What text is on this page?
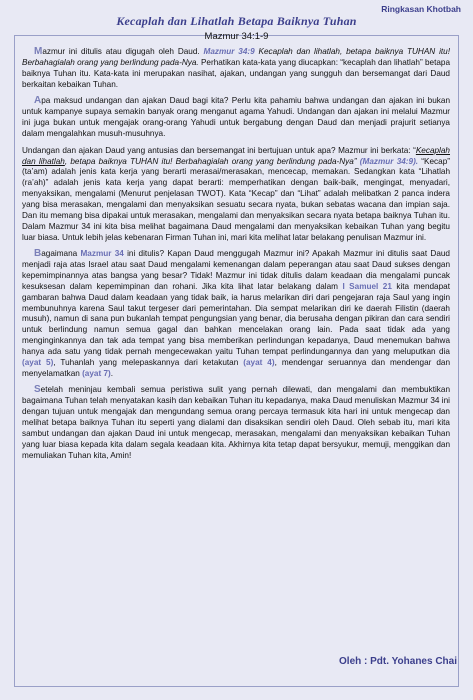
Ringkasan Khotbah
Kecaplah dan Lihatlah Betapa Baiknya Tuhan
Mazmur 34:1-9

Mazmur ini ditulis atau digugah oleh Daud. Mazmur 34:9 Kecaplah dan lihatlah, betapa baiknya TUHAN itu! Berbahagialah orang yang berlindung pada-Nya. Perhatikan kata-kata yang diucapkan: “kecaplah dan lihatlah” betapa baiknya Tuhan itu. Kata-kata ini merupakan nasihat, ajakan, undangan yang sungguh dan bersemangat dari Daud berkaitan kebaikan Tuhan.

Apa maksud undangan dan ajakan Daud bagi kita? Perlu kita pahamiu bahwa undangan dan ajakan ini bukan untuk kampanye supaya semakin banyak orang menganut agama Yahudi. Undangan dan ajakan ini melalui Mazmur ini juga bukan untuk mengajak orang-orang Yahudi untuk bergabung dengan Daud dan menjadi prajurit setianya dalam mengalahkan musuh-musuhnya.

Undangan dan ajakan Daud yang antusias dan bersemangat ini bertujuan untuk apa? Mazmur ini berkata: “Kecaplah dan lihatlah, betapa baiknya TUHAN itu! Berbahagialah orang yang berlindung pada-Nya” (Mazmur 34:9). “Kecap” (ta’am) adalah jenis kata kerja yang berarti merasai/merasakan, mencecap, memakan. Sedangkan kata “Lihatlah (ra’ah)” adalah jenis kata kerja yang dapat berarti: memperhatikan dengan baik-baik, mengingat, menyadari, menyaksikan, mengalami (Menurut penjelasan TWOT). Kata “Kecap” dan “Lihat” adalah melibatkan 2 panca indera yang bisa merasakan, mengalami dan menyaksikan sesuatu secara nyata, bukan sebatas wacana dan impian saja. Dan itu memang bisa dipakai untuk merasakan, mengalami dan menyaksikan secara nyata betapa baiknya Tuhan itu. Dalam Mazmur 34 ini kita bisa melihat bagaimana Daud mengalami dan menyaksikan kebaikan Tuhan yang begitu luar biasa. Untuk lebih jelas kebenaran Firman Tuhan ini, mari kita melihat latar belakang penulisan Mazmur ini.

Bagaimana Mazmur 34 ini ditulis? Kapan Daud menggugah Mazmur ini? Apakah Mazmur ini ditulis saat Daud menjadi raja atas Israel atau saat Daud mengalami kemenangan dalam peperangan atau saat Daud sukses dengan kepemimpinannya atas bangsa yang besar? Tidak! Mazmur ini tidak ditulis dalam keadaan dia mengalami puncak kesuksesan dalam kepemimpinan dan rohani. Jika kita lihat latar belakang dalam I Samuel 21 kita mendapat gambaran bahwa Daud dalam keadaan yang tidak baik, ia harus melarikan diri dari pengejaran raja Saul yang ingin membunuhnya karena Saul takut tergeser dari pemerintahan. Dia sempat melarikan diri ke daerah Filistin (daerah musuh), namun di sana pun bukanlah tempat pengungsian yang benar, dia berusaha dengan pikiran dan cara sendiri untuk berlindung namun semua gagal dan bahkan mencelakan orang lain. Pada saat tidak ada yang menginginkannya dan tak ada tempat yang bisa memberikan perlindungan kepadanya, Daud menemukan bahwa hanya ada satu yang tidak pernah mengecewakan yaitu Tuhan tempat perlindungannya dan yang meluputkan dia (ayat 5), Tuhanlah yang melepaskannya dari ketakutan (ayat 4), mendengar seruannya dan mendengar dan menyelamatkan (ayat 7).

Setelah meninjau kembali semua peristiwa sulit yang pernah dilewati, dan mengalami dan membuktikan bagaimana Tuhan telah menyatakan kasih dan kebaikan Tuhan itu kepadanya, maka Daud menuliskan Mazmur 34 ini dengan tujuan untuk mengajak dan mengundang semua orang percaya termasuk kita hari ini untuk mengecap dan melihat betapa baiknya Tuhan itu seperti yang dialami dan disaksikan sendiri oleh Daud. Oleh sebab itu, mari kita sambut undangan dan ajakan Daud ini untuk mengecap, merasakan, mengalami dan menyaksikan kebaikan Tuhan yang luar biasa kepada kita dalam segala keadaan kita. Akhirnya kita tetap dapat bersyukur, memuji, menggikan dan memuliakan Tuhan kita, Amin!

Oleh : Pdt. Yohanes Chai
